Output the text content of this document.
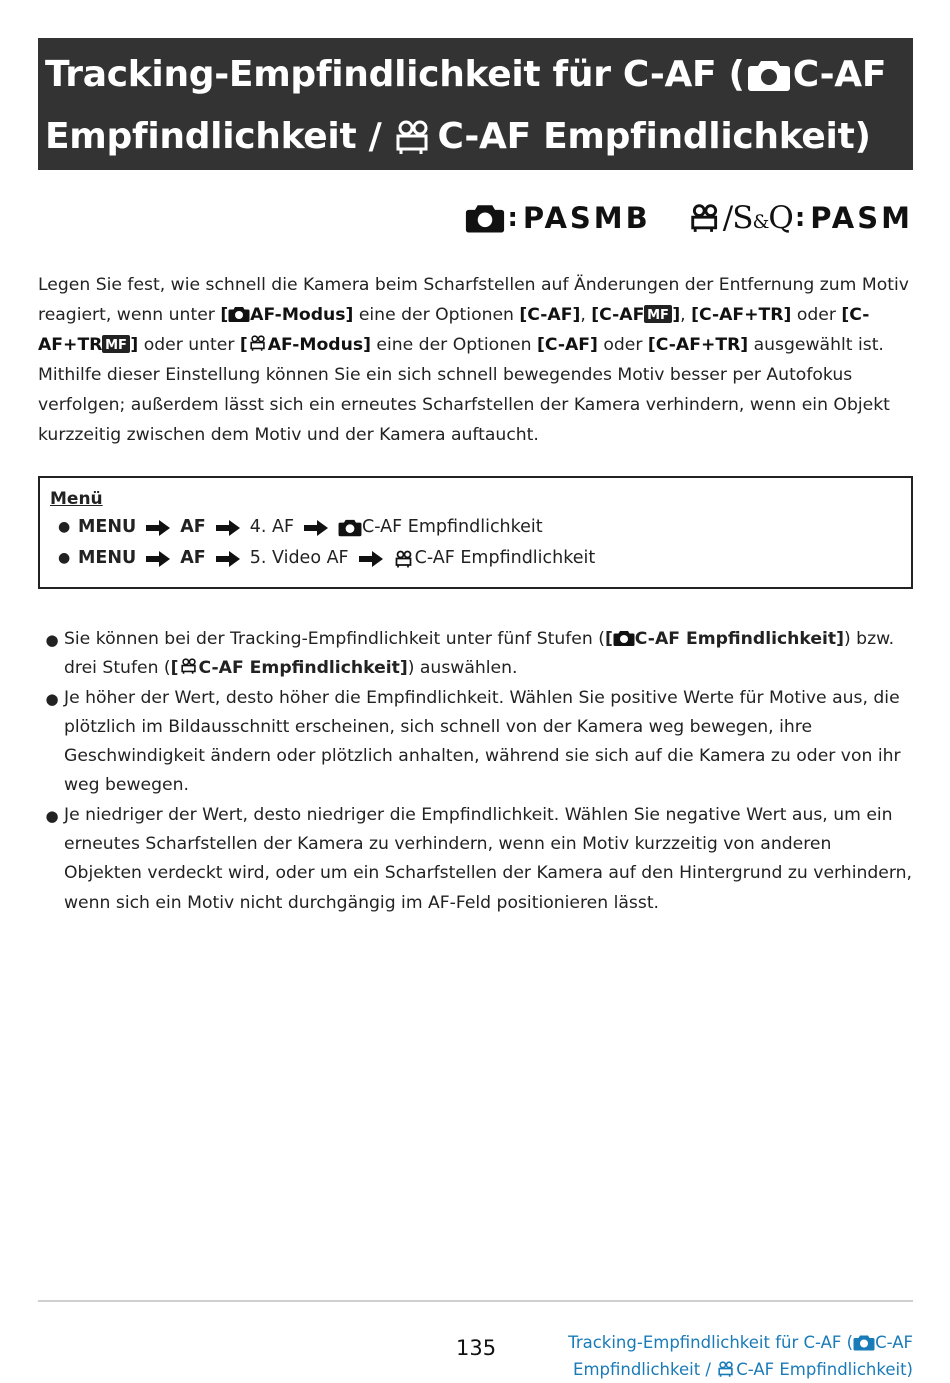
Tracking-Empfindlichkeit für C-AF ( C-AF
Empfindlichkeit / C-AF Empfindlichkeit)
: PASMB / S&Q : PASM
Legen Sie fest, wie schnell die Kamera beim Scharfstellen auf Änderungen der Entfernung zum Motiv reagiert, wenn unter [ AF-Modus] eine der Optionen [C-AF], [C-AF MF ], [C-AF+TR] oder [C-AF+TR MF ] oder unter [ AF-Modus] eine der Optionen [C-AF] oder [C-AF+TR] ausgewählt ist. Mithilfe dieser Einstellung können Sie ein sich schnell bewegendes Motiv besser per Autofokus verfolgen; außerdem lässt sich ein erneutes Scharfstellen der Kamera verhindern, wenn ein Objekt kurzzeitig zwischen dem Motiv und der Kamera auftaucht.
Menü
● MENU	AF	4. AF	C-AF Empfindlichkeit
● MENU	AF	5. Video AF	C-AF Empfindlichkeit
● Sie können bei der Tracking-Empfindlichkeit unter fünf Stufen ([ C-AF Empfindlichkeit]) bzw. drei Stufen ([ C-AF Empfindlichkeit]) auswählen.
● Je höher der Wert, desto höher die Empfindlichkeit. Wählen Sie positive Werte für Motive aus, die plötzlich im Bildausschnitt erscheinen, sich schnell von der Kamera weg bewegen, ihre Geschwindigkeit ändern oder plötzlich anhalten, während sie sich auf die Kamera zu oder von ihr weg bewegen.
● Je niedriger der Wert, desto niedriger die Empfindlichkeit. Wählen Sie negative Wert aus, um ein erneutes Scharfstellen der Kamera zu verhindern, wenn ein Motiv kurzzeitig von anderen Objekten verdeckt wird, oder um ein Scharfstellen der Kamera auf den Hintergrund zu verhindern, wenn sich ein Motiv nicht durchgängig im AF-Feld positionieren lässt.
135	Tracking-Empfindlichkeit für C-AF ( C-AF
Empfindlichkeit / C-AF Empfindlichkeit)
